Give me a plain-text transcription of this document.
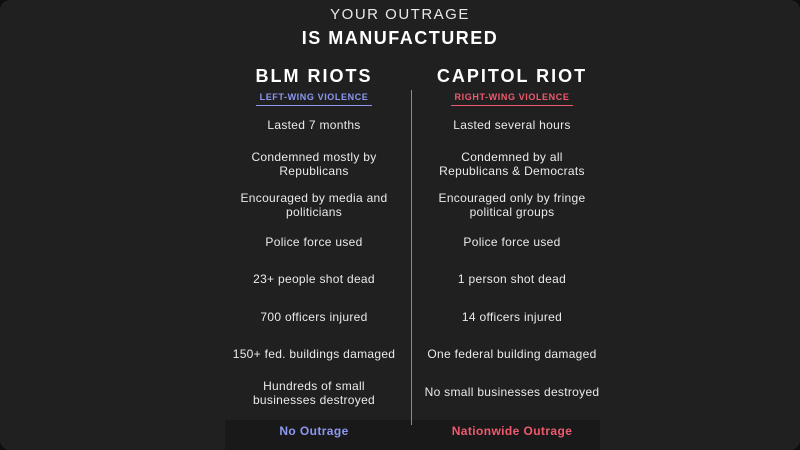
YOUR OUTRAGE
IS MANUFACTURED
BLM RIOTS
LEFT-WING VIOLENCE
CAPITOL RIOT
RIGHT-WING VIOLENCE
Lasted 7 months
Condemned mostly by
Republicans
Encouraged by media and
politicians
Police force used
23+ people shot dead
700 officers injured
150+ fed. buildings damaged
Hundreds of small
businesses destroyed
Lasted several hours
Condemned by all
Republicans & Democrats
Encouraged only by fringe
political groups
Police force used
1 person shot dead
14 officers injured
One federal building damaged
No small businesses destroyed
No Outrage	Nationwide Outrage
